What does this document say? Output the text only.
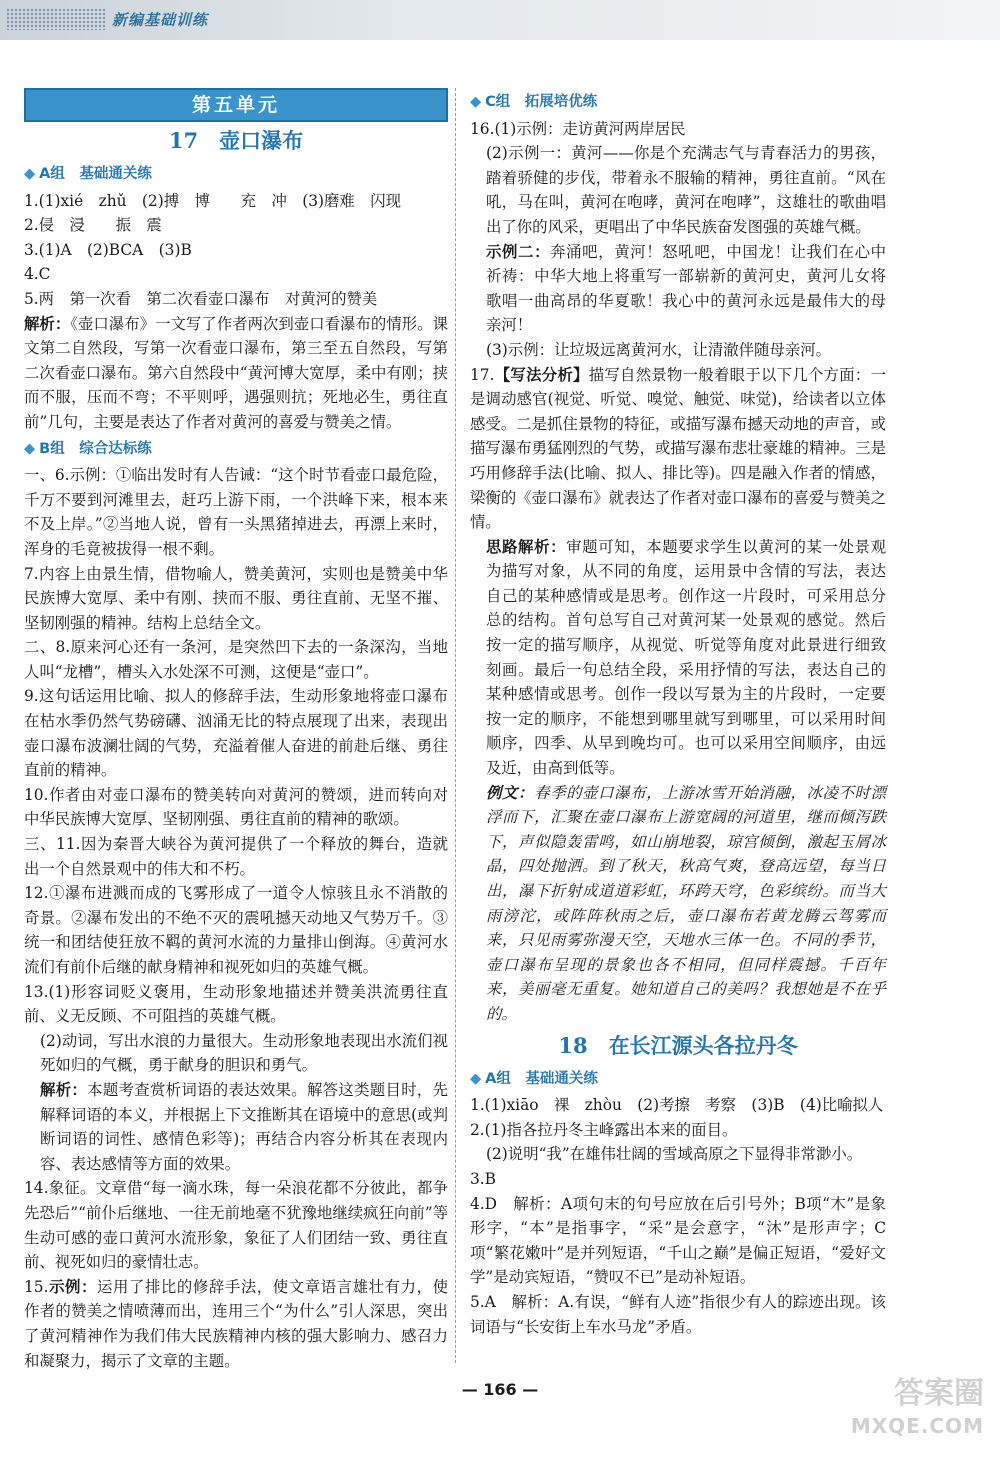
新编基础训练
第五单元
17　壶口瀑布
◆ A组　基础通关练

1.(1)xié　zhǔ　(2)搏　博　　充　冲　(3)磨难　闪现

2.侵　浸　　振　震

3.(1)A　(2)BCA　(3)B

4.C

5.两　第一次看　第二次看壶口瀑布　对黄河的赞美

解析：《壶口瀑布》一文写了作者两次到壶口看瀑布的情形。课文第二自然段，写第一次看壶口瀑布，第三至五自然段，写第二次看壶口瀑布。第六自然段中“黄河博大宽厚，柔中有刚；挟而不服，压而不弯；不平则呼，遇强则抗；死地必生，勇往直前”几句，主要是表达了作者对黄河的喜爱与赞美之情。

◆ B组　综合达标练

一、6.示例：①临出发时有人告诫：“这个时节看壶口最危险，千万不要到河滩里去，赶巧上游下雨，一个洪峰下来，根本来不及上岸。”②当地人说，曾有一头黑猪掉进去，再漂上来时，浑身的毛竟被拔得一根不剩。

7.内容上由景生情，借物喻人，赞美黄河，实则也是赞美中华民族博大宽厚、柔中有刚、挟而不服、勇往直前、无坚不摧、坚韧刚强的精神。结构上总结全文。

二、8.原来河心还有一条河，是突然凹下去的一条深沟，当地人叫“龙槽”，槽头入水处深不可测，这便是“壶口”。

9.这句话运用比喻、拟人的修辞手法，生动形象地将壶口瀑布在枯水季仍然气势磅礴、汹涌无比的特点展现了出来，表现出壶口瀑布波澜壮阔的气势，充溢着催人奋进的前赴后继、勇往直前的精神。

10.作者由对壶口瀑布的赞美转向对黄河的赞颂，进而转向对中华民族博大宽厚、坚韧刚强、勇往直前的精神的歌颂。

三、11.因为秦晋大峡谷为黄河提供了一个释放的舞台，造就出一个自然景观中的伟大和不朽。

12.①瀑布进溅而成的飞雾形成了一道令人惊骇且永不消散的奇景。②瀑布发出的不绝不灭的震吼撼天动地又气势万千。③统一和团结使狂放不羁的黄河水流的力量排山倒海。④黄河水流们有前仆后继的献身精神和视死如归的英雄气概。

13.(1)形容词贬义褒用，生动形象地描述并赞美洪流勇往直前、义无反顾、不可阻挡的英雄气概。

(2)动词，写出水浪的力量很大。生动形象地表现出水流们视死如归的气概，勇于献身的胆识和勇气。

解析：本题考查赏析词语的表达效果。解答这类题目时，先解释词语的本义，并根据上下文推断其在语境中的意思(或判断词语的词性、感情色彩等)；再结合内容分析其在表现内容、表达感情等方面的效果。

14.象征。文章借“每一滴水珠，每一朵浪花都不分彼此，都争先恐后”“前仆后继地、一往无前地毫不犹豫地继续疯狂向前”等生动可感的壶口黄河水流形象，象征了人们团结一致、勇往直前、视死如归的豪情壮志。

15.示例：运用了排比的修辞手法，使文章语言雄壮有力，使作者的赞美之情喷薄而出，连用三个“为什么”引人深思，突出了黄河精神作为我们伟大民族精神内核的强大影响力、感召力和凝聚力，揭示了文章的主题。

◆ C组　拓展培优练

16.(1)示例：走访黄河两岸居民

(2)示例一：黄河——你是个充满志气与青春活力的男孩，踏着骄健的步伐，带着永不服输的精神，勇往直前。“风在吼，马在叫，黄河在咆哮，黄河在咆哮”，这雄壮的歌曲唱出了你的风采，更唱出了中华民族奋发图强的英雄气概。

示例二：奔涌吧，黄河！怒吼吧，中国龙！让我们在心中祈祷：中华大地上将重写一部崭新的黄河史，黄河儿女将歌唱一曲高昂的华夏歌！我心中的黄河永远是最伟大的母亲河！

(3)示例：让垃圾远离黄河水，让清澈伴随母亲河。

17.【写法分析】描写自然景物一般着眼于以下几个方面：一是调动感官(视觉、听觉、嗅觉、触觉、味觉)，给读者以立体感受。二是抓住景物的特征，或描写瀑布撼天动地的声音，或描写瀑布勇猛刚烈的气势，或描写瀑布悲壮豪雄的精神。三是巧用修辞手法(比喻、拟人、排比等)。四是融入作者的情感，梁衡的《壶口瀑布》就表达了作者对壶口瀑布的喜爱与赞美之情。

思路解析：审题可知，本题要求学生以黄河的某一处景观为描写对象，从不同的角度，运用景中含情的写法，表达自己的某种感情或是思考。创作这一片段时，可采用总分总的结构。首句总写自己对黄河某一处景观的感觉。然后按一定的描写顺序，从视觉、听觉等角度对此景进行细致刻画。最后一句总结全段，采用抒情的写法，表达自己的某种感情或思考。创作一段以写景为主的片段时，一定要按一定的顺序，不能想到哪里就写到哪里，可以采用时间顺序，四季、从早到晚均可。也可以采用空间顺序，由远及近，由高到低等。

例文：春季的壶口瀑布，上游冰雪开始消融，冰凌不时漂浮而下，汇聚在壶口瀑布上游宽阔的河道里，继而倾泻跌下，声似隐轰雷鸣，如山崩地裂，琼宫倾倒，激起玉屑冰晶，四处抛洒。到了秋天，秋高气爽，登高远望，每当日出，瀑下折射成道道彩虹，环跨天穹，色彩缤纷。而当大雨滂沱，或阵阵秋雨之后，壶口瀑布若黄龙腾云驾雾而来，只见雨雾弥漫天空，天地水三体一色。不同的季节，壶口瀑布呈现的景象也各不相同，但同样震撼。千百年来，美丽毫无重复。她知道自己的美吗？我想她是不在乎的。

18　在长江源头各拉丹冬
◆ A组　基础通关练

1.(1)xiāo　裸　zhòu　(2)考擦　考察　(3)B　(4)比喻拟人

2.(1)指各拉丹冬主峰露出本来的面目。

(2)说明“我”在雄伟壮阔的雪域高原之下显得非常渺小。

3.B

4.D　解析：A项句末的句号应放在后引号外；B项“木”是象形字，“本”是指事字，“采”是会意字，“沐”是形声字；C项“繁花嫩叶”是并列短语，“千山之巅”是偏正短语，“爱好文学”是动宾短语，“赞叹不已”是动补短语。

5.A　解析：A.有误，“鲜有人迹”指很少有人的踪迹出现。该词语与“长安街上车水马龙”矛盾。

— 166 —	答案圈
MXQE.COM
